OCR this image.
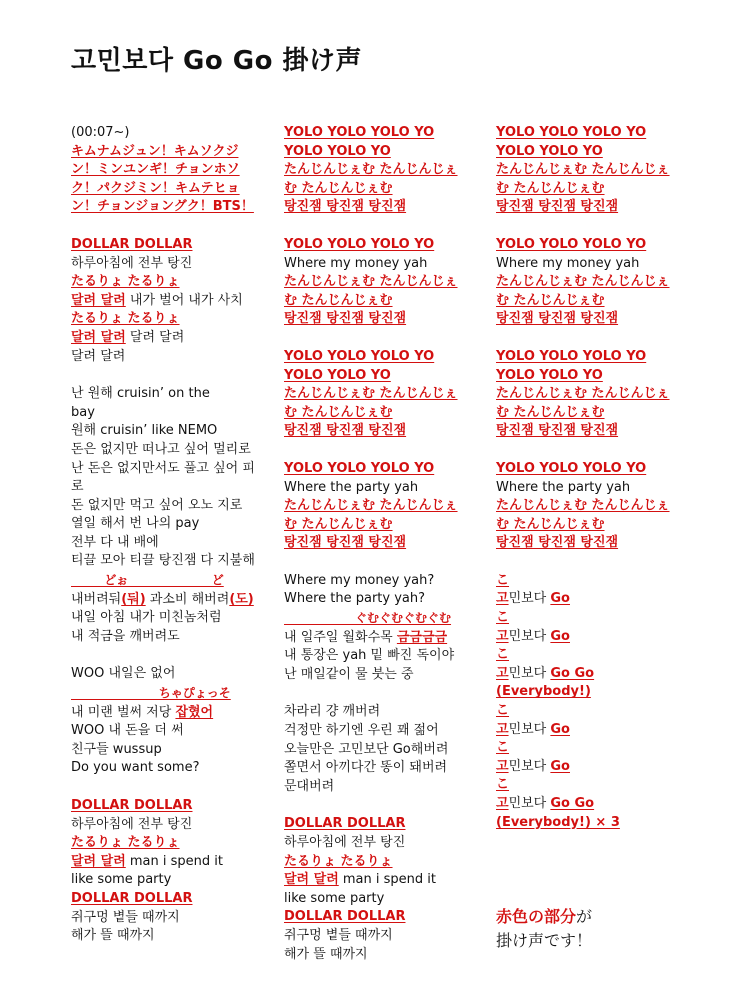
고민보다 Go Go 掛け声
(00:07~)
キムナムジュン！キムソクジ
ン！ミンユンギ！チョンホソ
ク！パクジミン！キムテヒョ
ン！チョンジョングク！BTS！
DOLLAR DOLLAR
하루아침에 전부 탕진
たるりょ たるりょ
달려 달려 내가 벌어 내가 사치
たるりょ たるりょ
달려 달려 달려 달려
달려 달려
난 원해 cruisin’ on the
bay
원해 cruisin’ like NEMO
돈은 없지만 떠나고 싶어 멀리로
난 돈은 없지만서도 풀고 싶어 피
로
돈 없지만 먹고 싶어 오노 지로
열일 해서 번 나의 pay
전부 다 내 배에
티끌 모아 티끌 탕진잼 다 지불해
どぉ                    ど
내버려둬(둬) 과소비 해버려(도)
내일 아침 내가 미친놈처럼
내 적금을 깨버려도
WOO 내일은 없어
ちゃぴょっそ
내 미랜 벌써 저당 잡혔어
WOO 내 돈을 더 써
친구들 wussup
Do you want some?
DOLLAR DOLLAR
하루아침에 전부 탕진
たるりょ たるりょ
달려 달려 man i spend it
like some party
DOLLAR DOLLAR
쥐구멍 볕들 때까지
해가 뜰 때까지
YOLO YOLO YOLO YO
YOLO YOLO YO
たんじんじぇむ たんじんじぇ
む たんじんじぇむ
탕진잼 탕진잼 탕진잼
YOLO YOLO YOLO YO
Where my money yah
たんじんじぇむ たんじんじぇ
む たんじんじぇむ
탕진잼 탕진잼 탕진잼
YOLO YOLO YOLO YO
YOLO YOLO YO
たんじんじぇむ たんじんじぇ
む たんじんじぇむ
탕진잼 탕진잼 탕진잼
YOLO YOLO YOLO YO
Where the party yah
たんじんじぇむ たんじんじぇ
む たんじんじぇむ
탕진잼 탕진잼 탕진잼
Where my money yah?
Where the party yah?
ぐむぐむぐむぐむ
내 일주일 월화수목 금금금금
내 통장은 yah 밑 빠진 독이야
난 매일같이 물 붓는 중
차라리 걍 깨버려
걱정만 하기엔 우린 꽤 젊어
오늘만은 고민보단 Go해버려
쫄면서 아끼다간 똥이 돼버려
문대버려
DOLLAR DOLLAR
하루아침에 전부 탕진
たるりょ たるりょ
달려 달려 man i spend it
like some party
DOLLAR DOLLAR
쥐구멍 볕들 때까지
해가 뜰 때까지
YOLO YOLO YOLO YO
YOLO YOLO YO
たんじんじぇむ たんじんじぇ
む たんじんじぇむ
탕진잼 탕진잼 탕진잼
YOLO YOLO YOLO YO
Where my money yah
たんじんじぇむ たんじんじぇ
む たんじんじぇむ
탕진잼 탕진잼 탕진잼
YOLO YOLO YOLO YO
YOLO YOLO YO
たんじんじぇむ たんじんじぇ
む たんじんじぇむ
탕진잼 탕진잼 탕진잼
YOLO YOLO YOLO YO
Where the party yah
たんじんじぇむ たんじんじぇ
む たんじんじぇむ
탕진잼 탕진잼 탕진잼
こ
고민보다 Go
こ
고민보다 Go
こ
고민보다 Go Go
(Everybody!)
こ
고민보다 Go
こ
고민보다 Go
こ
고민보다 Go Go
(Everybody!) × 3
赤色の部分が
掛け声です！
